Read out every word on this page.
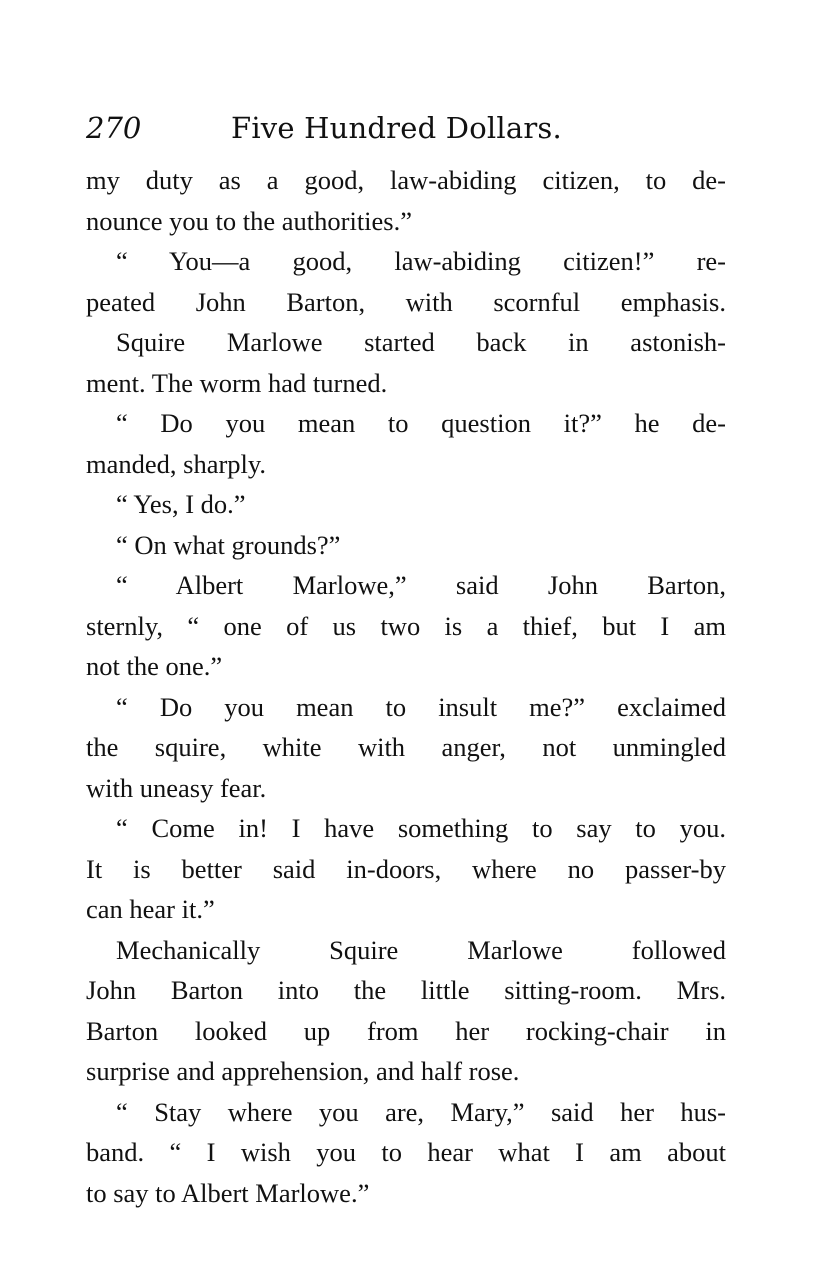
270	Five Hundred Dollars.
my duty as a good, law-abiding citizen, to de-
nounce you to the authorities.”
“ You—a good, law-abiding citizen!” re-
peated John Barton, with scornful emphasis.
Squire Marlowe started back in astonish-
ment. The worm had turned.
“ Do you mean to question it?” he de-
manded, sharply.
“ Yes, I do.”
“ On what grounds?”
“ Albert Marlowe,” said John Barton,
sternly, “ one of us two is a thief, but I am
not the one.”
“ Do you mean to insult me?” exclaimed
the squire, white with anger, not unmingled
with uneasy fear.
“ Come in! I have something to say to you.
It is better said in-doors, where no passer-by
can hear it.”
Mechanically Squire Marlowe followed
John Barton into the little sitting-room. Mrs.
Barton looked up from her rocking-chair in
surprise and apprehension, and half rose.
“ Stay where you are, Mary,” said her hus-
band. “ I wish you to hear what I am about
to say to Albert Marlowe.”
